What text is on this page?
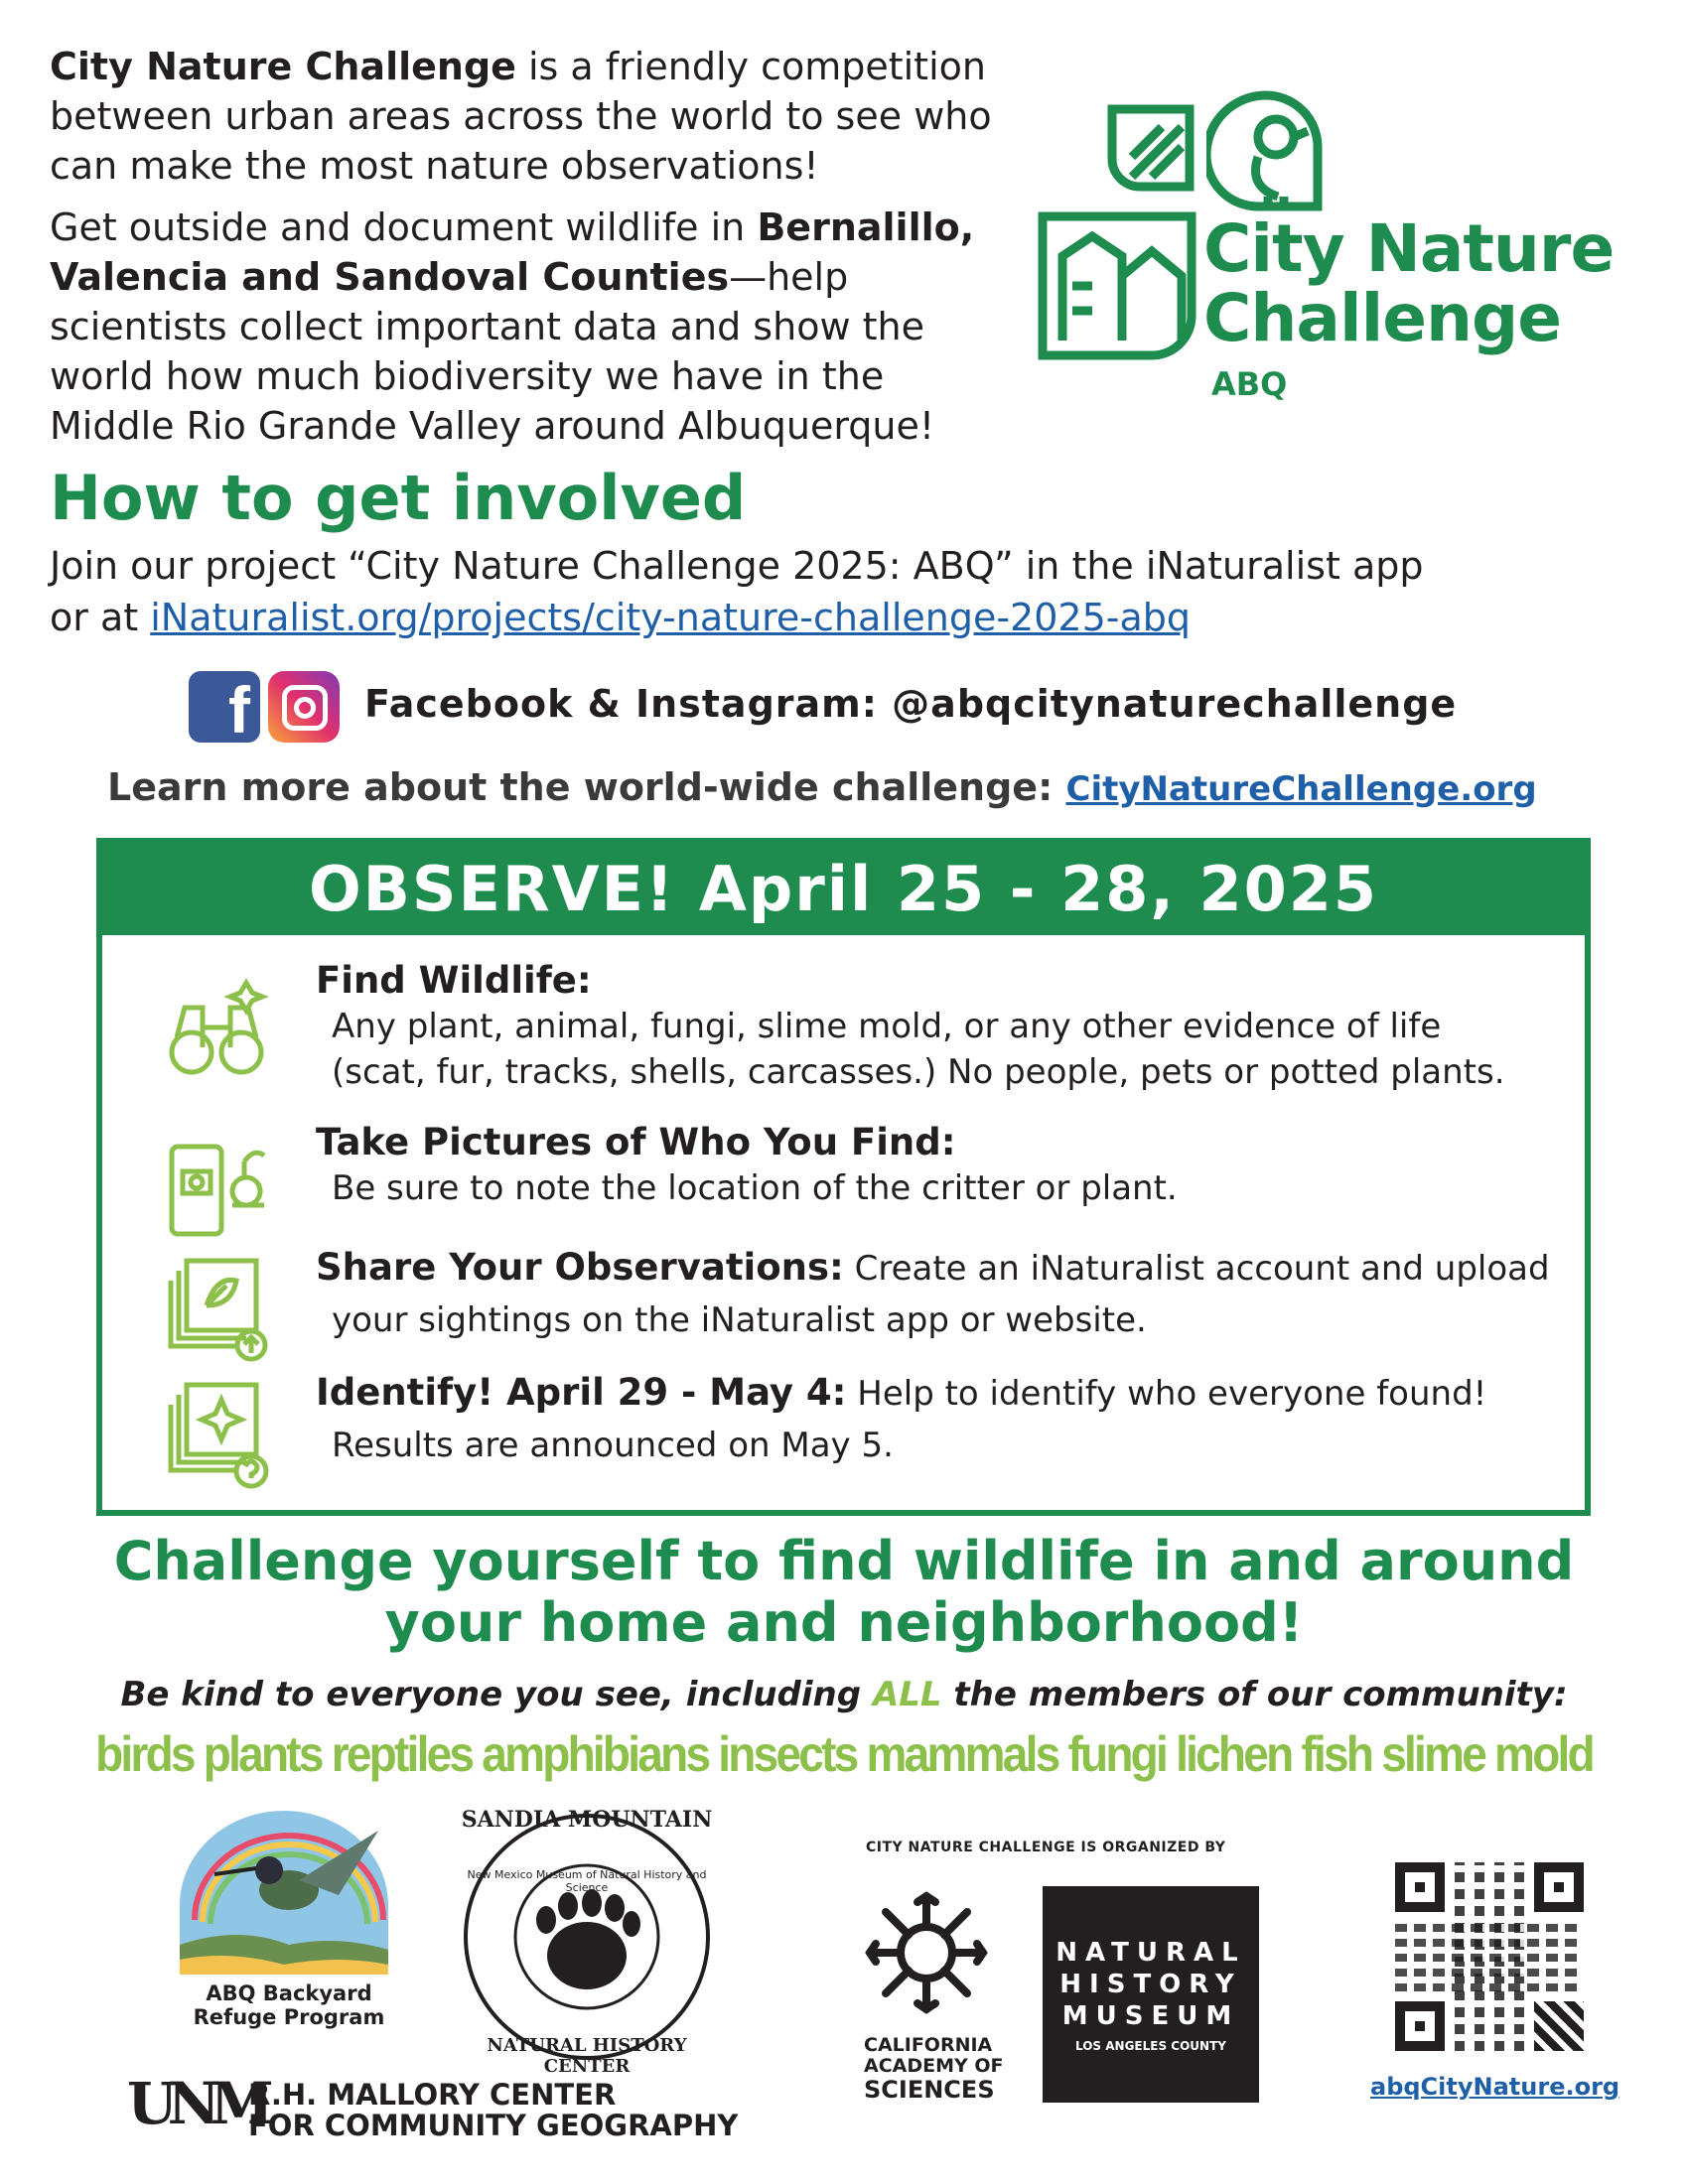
City Nature Challenge is a friendly competition between urban areas across the world to see who can make the most nature observations!

Get outside and document wildlife in Bernalillo, Valencia and Sandoval Counties—help scientists collect important data and show the world how much biodiversity we have in the Middle Rio Grande Valley around Albuquerque!

City Nature
Challenge
ABQ
How to get involved
Join our project “City Nature Challenge 2025: ABQ” in the iNaturalist app
or at iNaturalist.org/projects/city-nature-challenge-2025-abq
f	Facebook & Instagram: @abqcitynaturechallenge
Learn more about the world-wide challenge: CityNatureChallenge.org
OBSERVE! April 25 - 28, 2025
Find Wildlife:
Any plant, animal, fungi, slime mold, or any other evidence of life
(scat, fur, tracks, shells, carcasses.) No people, pets or potted plants.
Take Pictures of Who You Find:
Be sure to note the location of the critter or plant.
Share Your Observations: Create an iNaturalist account and upload
your sightings on the iNaturalist app or website.
Identify! April 29 - May 4: Help to identify who everyone found!
Results are announced on May 5.
Challenge yourself to find wildlife in and around
your home and neighborhood!
Be kind to everyone you see, including ALL the members of our community:
birds plants reptiles amphibians insects mammals fungi lichen fish slime mold
ABQ Backyard
Refuge Program
SANDIA MOUNTAIN
New Mexico Museum of Natural History and Science
NATURAL HISTORY CENTER
CITY NATURE CHALLENGE IS ORGANIZED BY
CALIFORNIA
ACADEMY OF
SCIENCES
NATURAL
HISTORY
MUSEUM
LOS ANGELES COUNTY
abqCityNature.org
UNM
R.H. MALLORY CENTER
FOR COMMUNITY GEOGRAPHY
